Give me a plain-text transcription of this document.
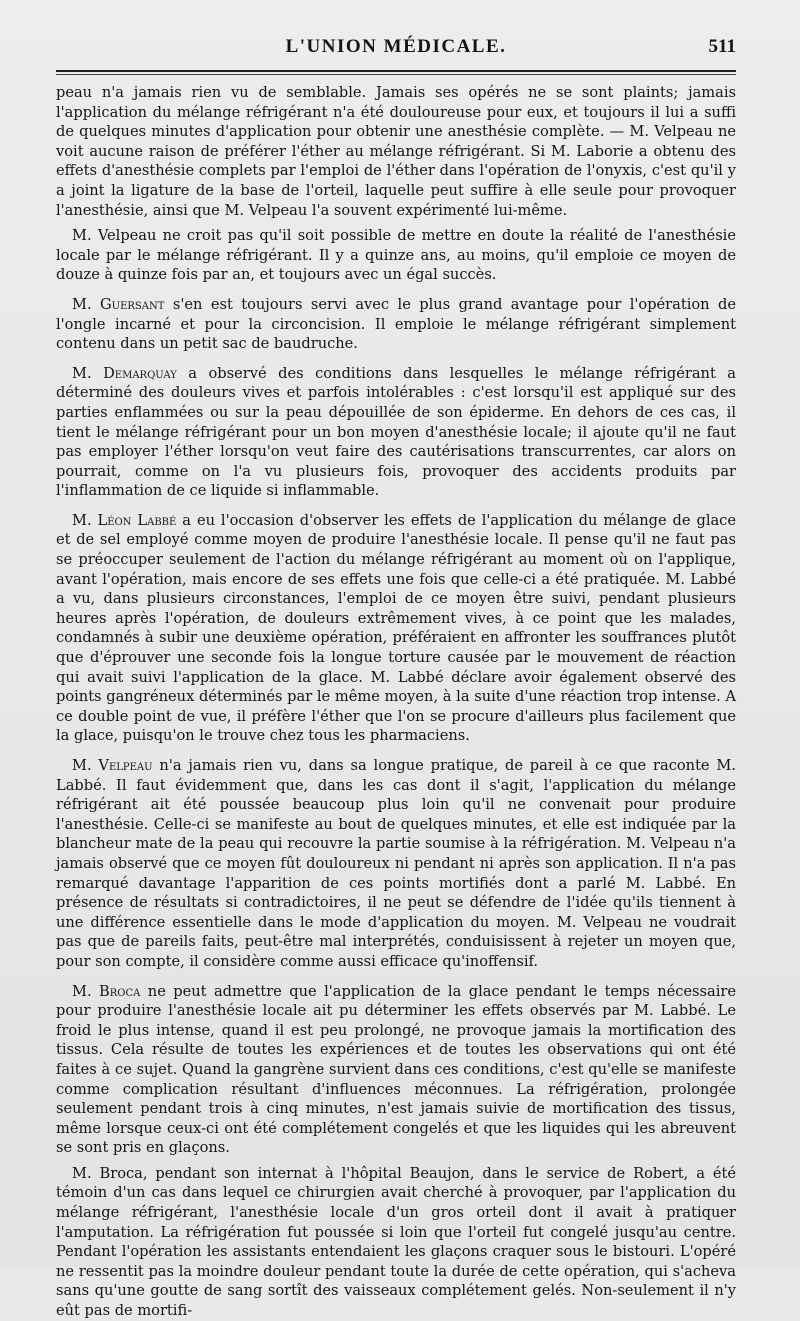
L'UNION MÉDICALE.	511

peau n'a jamais rien vu de semblable. Jamais ses opérés ne se sont plaints; jamais l'application du mélange réfrigérant n'a été douloureuse pour eux, et toujours il lui a suffi de quelques minutes d'application pour obtenir une anesthésie complète. — M. Velpeau ne voit aucune raison de préférer l'éther au mélange réfrigérant. Si M. Laborie a obtenu des effets d'anesthésie complets par l'emploi de l'éther dans l'opération de l'onyxis, c'est qu'il y a joint la ligature de la base de l'orteil, laquelle peut suffire à elle seule pour provoquer l'anesthésie, ainsi que M. Velpeau l'a souvent expérimenté lui-même.

M. Velpeau ne croit pas qu'il soit possible de mettre en doute la réalité de l'anesthésie locale par le mélange réfrigérant. Il y a quinze ans, au moins, qu'il emploie ce moyen de douze à quinze fois par an, et toujours avec un égal succès.

M. Guersant s'en est toujours servi avec le plus grand avantage pour l'opération de l'ongle incarné et pour la circoncision. Il emploie le mélange réfrigérant simplement contenu dans un petit sac de baudruche.

M. Demarquay a observé des conditions dans lesquelles le mélange réfrigérant a déterminé des douleurs vives et parfois intolérables : c'est lorsqu'il est appliqué sur des parties enflammées ou sur la peau dépouillée de son épiderme. En dehors de ces cas, il tient le mélange réfrigérant pour un bon moyen d'anesthésie locale; il ajoute qu'il ne faut pas employer l'éther lorsqu'on veut faire des cautérisations transcurrentes, car alors on pourrait, comme on l'a vu plusieurs fois, provoquer des accidents produits par l'inflammation de ce liquide si inflammable.

M. Léon Labbé a eu l'occasion d'observer les effets de l'application du mélange de glace et de sel employé comme moyen de produire l'anesthésie locale. Il pense qu'il ne faut pas se préoccuper seulement de l'action du mélange réfrigérant au moment où on l'applique, avant l'opération, mais encore de ses effets une fois que celle-ci a été pratiquée. M. Labbé a vu, dans plusieurs circonstances, l'emploi de ce moyen être suivi, pendant plusieurs heures après l'opération, de douleurs extrêmement vives, à ce point que les malades, condamnés à subir une deuxième opération, préféraient en affronter les souffrances plutôt que d'éprouver une seconde fois la longue torture causée par le mouvement de réaction qui avait suivi l'application de la glace. M. Labbé déclare avoir également observé des points gangréneux déterminés par le même moyen, à la suite d'une réaction trop intense. A ce double point de vue, il préfère l'éther que l'on se procure d'ailleurs plus facilement que la glace, puisqu'on le trouve chez tous les pharmaciens.

M. Velpeau n'a jamais rien vu, dans sa longue pratique, de pareil à ce que raconte M. Labbé. Il faut évidemment que, dans les cas dont il s'agit, l'application du mélange réfrigérant ait été poussée beaucoup plus loin qu'il ne convenait pour produire l'anesthésie. Celle-ci se manifeste au bout de quelques minutes, et elle est indiquée par la blancheur mate de la peau qui recouvre la partie soumise à la réfrigération. M. Velpeau n'a jamais observé que ce moyen fût douloureux ni pendant ni après son application. Il n'a pas remarqué davantage l'apparition de ces points mortifiés dont a parlé M. Labbé. En présence de résultats si contradictoires, il ne peut se défendre de l'idée qu'ils tiennent à une différence essentielle dans le mode d'application du moyen. M. Velpeau ne voudrait pas que de pareils faits, peut-être mal interprétés, conduisissent à rejeter un moyen que, pour son compte, il considère comme aussi efficace qu'inoffensif.

M. Broca ne peut admettre que l'application de la glace pendant le temps nécessaire pour produire l'anesthésie locale ait pu déterminer les effets observés par M. Labbé. Le froid le plus intense, quand il est peu prolongé, ne provoque jamais la mortification des tissus. Cela résulte de toutes les expériences et de toutes les observations qui ont été faites à ce sujet. Quand la gangrène survient dans ces conditions, c'est qu'elle se manifeste comme complication résultant d'influences méconnues. La réfrigération, prolongée seulement pendant trois à cinq minutes, n'est jamais suivie de mortification des tissus, même lorsque ceux-ci ont été complétement congelés et que les liquides qui les abreuvent se sont pris en glaçons.

M. Broca, pendant son internat à l'hôpital Beaujon, dans le service de Robert, a été témoin d'un cas dans lequel ce chirurgien avait cherché à provoquer, par l'application du mélange réfrigérant, l'anesthésie locale d'un gros orteil dont il avait à pratiquer l'amputation. La réfrigération fut poussée si loin que l'orteil fut congelé jusqu'au centre. Pendant l'opération les assistants entendaient les glaçons craquer sous le bistouri. L'opéré ne ressentit pas la moindre douleur pendant toute la durée de cette opération, qui s'acheva sans qu'une goutte de sang sortît des vaisseaux complétement gelés. Non-seulement il n'y eût pas de mortifi-
